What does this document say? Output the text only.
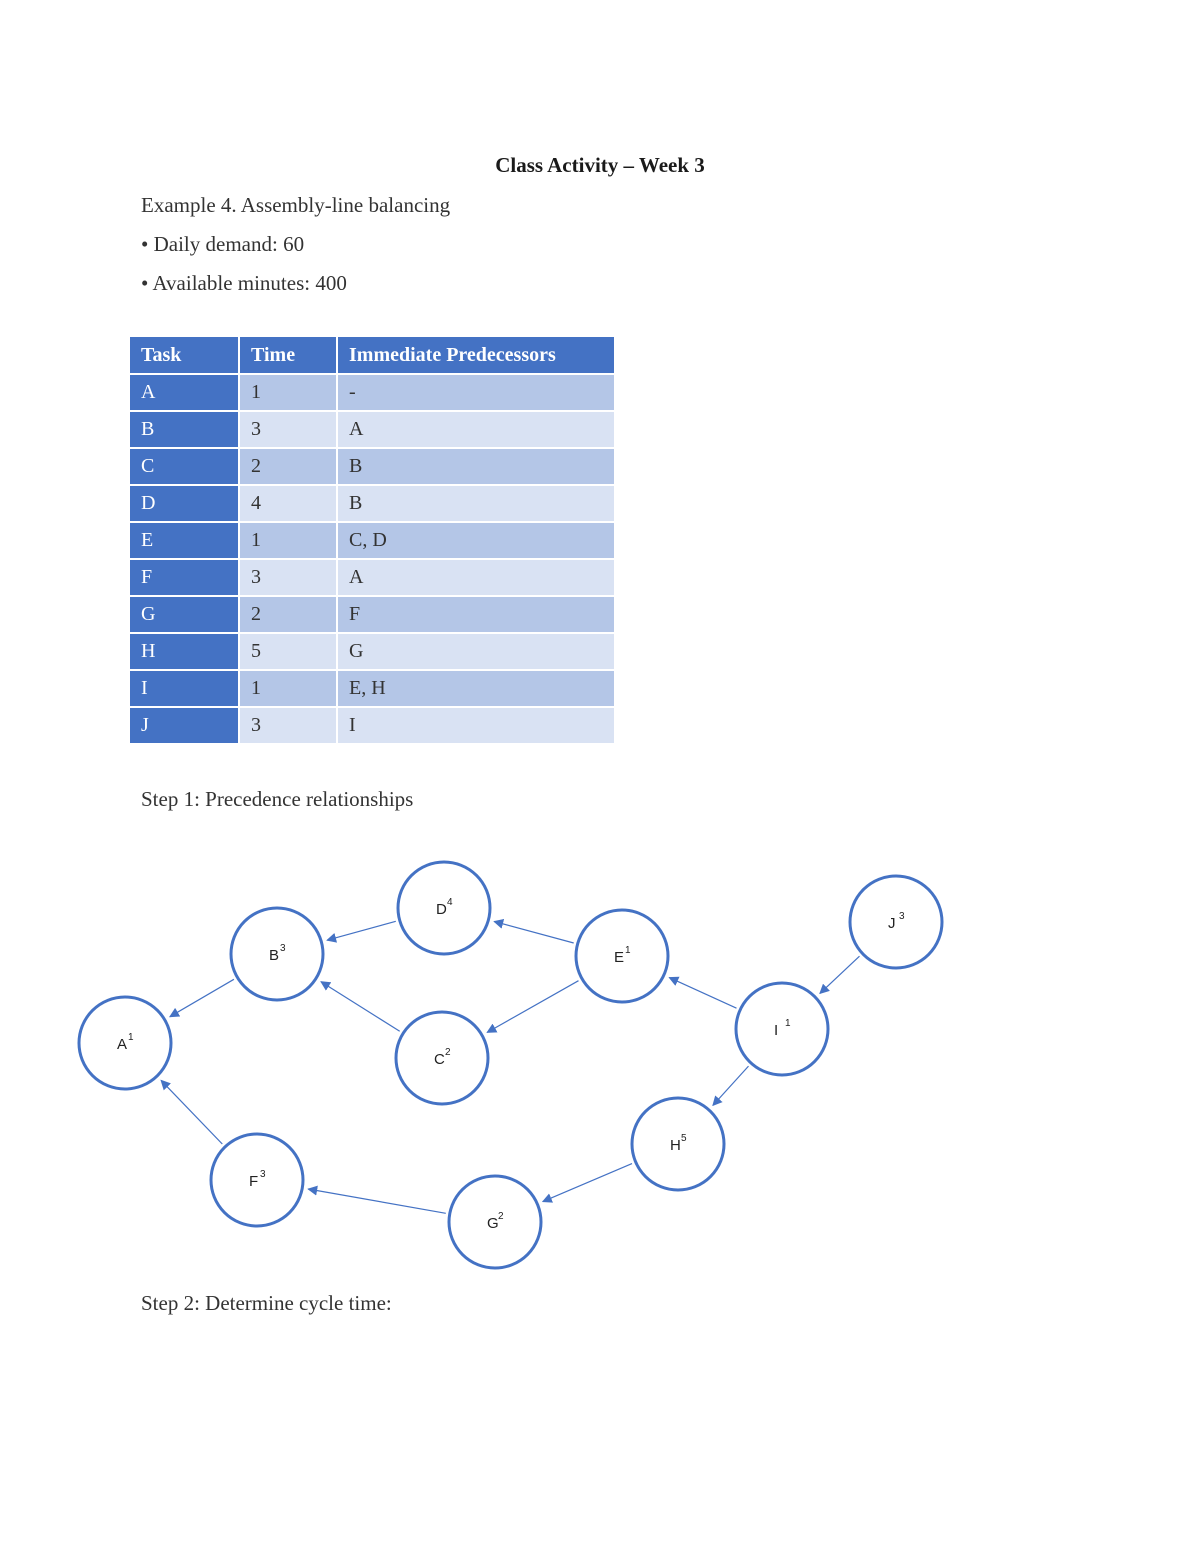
Class Activity – Week 3
Example 4. Assembly-line balancing
• Daily demand: 60
• Available minutes: 400
Task	Time	Immediate Predecessors
A	1	-
B	3	A
C	2	B
D	4	B
E	1	C, D
F	3	A
G	2	F
H	5	G
I	1	E, H
J	3	I
Step 1: Precedence relationships
A 1
B 3
C 2
D 4
E 1
F 3
G 2
H 5
I 1
J 3
Step 2: Determine cycle time:
